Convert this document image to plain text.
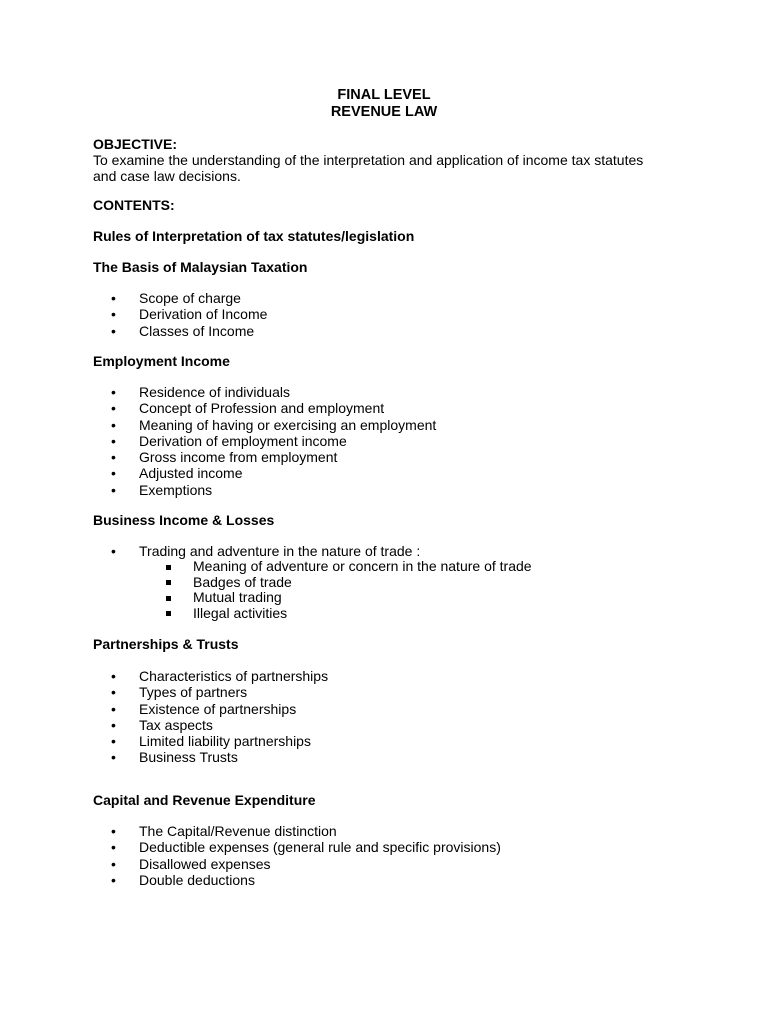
FINAL LEVEL
REVENUE LAW
OBJECTIVE:
To examine the understanding of the interpretation and application of income tax statutes
and case law decisions.
CONTENTS:
Rules of Interpretation of tax statutes/legislation
The Basis of Malaysian Taxation
• Scope of charge
• Derivation of Income
• Classes of Income
Employment Income
• Residence of individuals
• Concept of Profession and employment
• Meaning of having or exercising an employment
• Derivation of employment income
• Gross income from employment
• Adjusted income
• Exemptions
Business Income & Losses
• Trading and adventure in the nature of trade :
Meaning of adventure or concern in the nature of trade
Badges of trade
Mutual trading
Illegal activities
Partnerships & Trusts
• Characteristics of partnerships
• Types of partners
• Existence of partnerships
• Tax aspects
• Limited liability partnerships
• Business Trusts
Capital and Revenue Expenditure
• The Capital/Revenue distinction
• Deductible expenses (general rule and specific provisions)
• Disallowed expenses
• Double deductions
